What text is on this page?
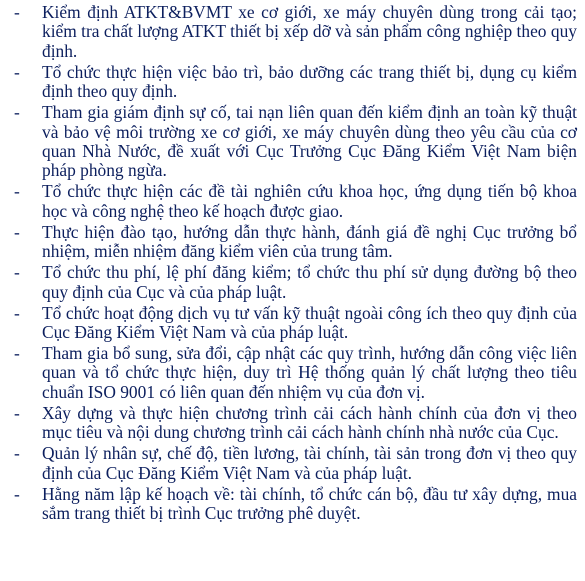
-	Kiểm định ATKT&BVMT xe cơ giới, xe máy chuyên dùng trong cải tạo; kiểm tra chất lượng ATKT thiết bị xếp dỡ và sản phẩm công nghiệp theo quy định.
-	Tổ chức thực hiện việc bảo trì, bảo dưỡng các trang thiết bị, dụng cụ kiểm định theo quy định.
-	Tham gia giám định sự cố, tai nạn liên quan đến kiểm định an toàn kỹ thuật và bảo vệ môi trường xe cơ giới, xe máy chuyên dùng theo yêu cầu của cơ quan Nhà Nước, đề xuất với Cục Trưởng Cục Đăng Kiểm Việt Nam biện pháp phòng ngừa.
-	Tổ chức thực hiện các đề tài nghiên cứu khoa học, ứng dụng tiến bộ khoa học và công nghệ theo kế hoạch được giao.
-	Thực hiện đào tạo, hướng dẫn thực hành, đánh giá đề nghị Cục trưởng bổ nhiệm, miễn nhiệm đăng kiểm viên của trung tâm.
-	Tổ chức thu phí, lệ phí đăng kiểm; tổ chức thu phí sử dụng đường bộ theo quy định của Cục và của pháp luật.
-	Tổ chức hoạt động dịch vụ tư vấn kỹ thuật ngoài công ích theo quy định của Cục Đăng Kiểm Việt Nam và của pháp luật.
-	Tham gia bổ sung, sửa đổi, cập nhật các quy trình, hướng dẫn công việc liên quan và tổ chức thực hiện, duy trì Hệ thống quản lý chất lượng theo tiêu chuẩn ISO 9001 có liên quan đến nhiệm vụ của đơn vị.
-	Xây dựng và thực hiện chương trình cải cách hành chính của đơn vị theo mục tiêu và nội dung chương trình cải cách hành chính nhà nước của Cục.
-	Quản lý nhân sự, chế độ, tiền lương, tài chính, tài sản trong đơn vị theo quy định của Cục Đăng Kiểm Việt Nam và của pháp luật.
-	Hằng năm lập kế hoạch về: tài chính, tổ chức cán bộ, đầu tư xây dựng, mua sắm trang thiết bị trình Cục trưởng phê duyệt.
